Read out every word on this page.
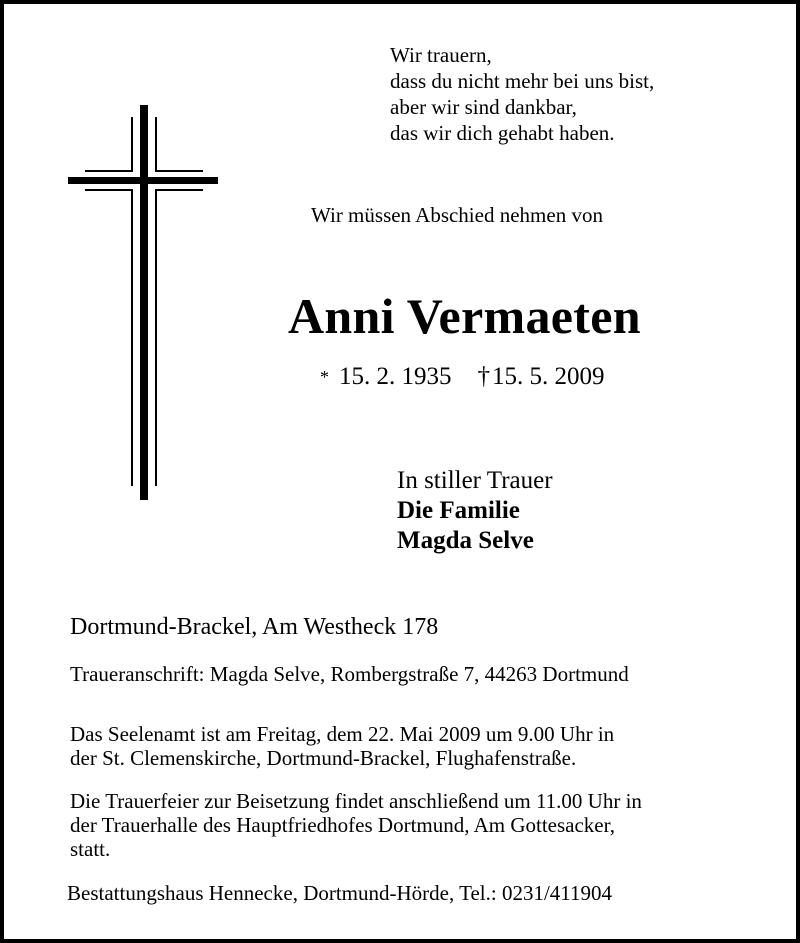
Wir trauern,
dass du nicht mehr bei uns bist,
aber wir sind dankbar,
das wir dich gehabt haben.
Wir müssen Abschied nehmen von
Anni Vermaeten
* 15. 2. 1935 †15. 5. 2009
In stiller Trauer
Die Familie
Magda Selve
Dortmund-Brackel, Am Westheck 178
Traueranschrift: Magda Selve, Rombergstraße 7, 44263 Dortmund
Das Seelenamt ist am Freitag, dem 22. Mai 2009 um 9.00 Uhr in
der St. Clemenskirche, Dortmund-Brackel, Flughafenstraße.
Die Trauerfeier zur Beisetzung findet anschließend um 11.00 Uhr in
der Trauerhalle des Hauptfriedhofes Dortmund, Am Gottesacker,
statt.
Bestattungshaus Hennecke, Dortmund-Hörde, Tel.: 0231/411904
